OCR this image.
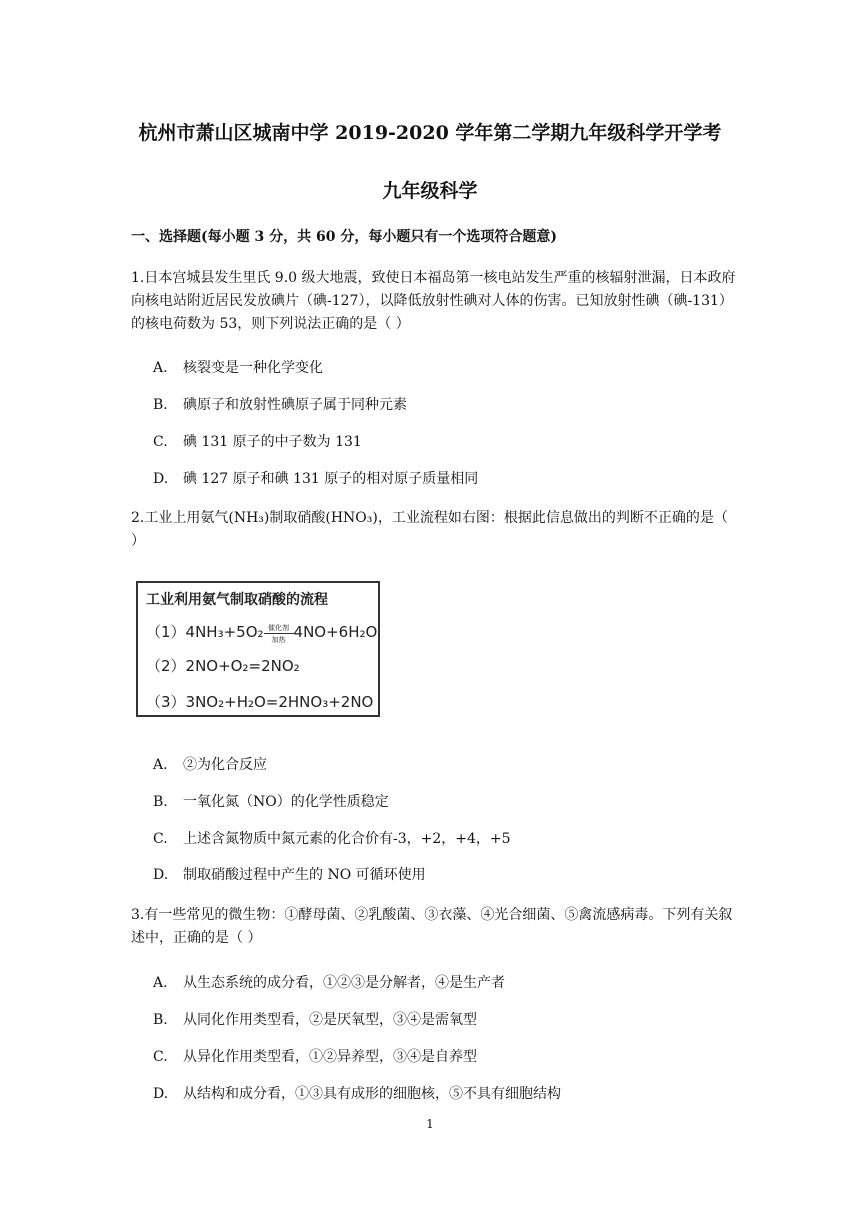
杭州市萧山区城南中学 2019-2020 学年第二学期九年级科学开学考
九年级科学
一、选择题(每小题 3 分，共 60 分，每小题只有一个选项符合题意)
1.日本宫城县发生里氏 9.0 级大地震，致使日本福岛第一核电站发生严重的核辐射泄漏，日本政府向核电站附近居民发放碘片（碘-127），以降低放射性碘对人体的伤害。已知放射性碘（碘-131）的核电荷数为 53，则下列说法正确的是（ ）
A. 核裂变是一种化学变化
B. 碘原子和放射性碘原子属于同种元素
C. 碘 131 原子的中子数为 131
D. 碘 127 原子和碘 131 原子的相对原子质量相同
2.工业上用氨气(NH₃)制取硝酸(HNO₃)，工业流程如右图：根据此信息做出的判断不正确的是（ ）
工业利用氨气制取硝酸的流程
（1）4NH₃+5O₂ 催化剂
加热 4NO+6H₂O
（2）2NO+O₂=2NO₂
（3）3NO₂+H₂O=2HNO₃+2NO
A. ②为化合反应
B. 一氧化氮（NO）的化学性质稳定
C. 上述含氮物质中氮元素的化合价有-3，+2，+4，+5
D. 制取硝酸过程中产生的 NO 可循环使用
3.有一些常见的微生物：①酵母菌、②乳酸菌、③衣藻、④光合细菌、⑤禽流感病毒。下列有关叙述中，正确的是（ ）
A. 从生态系统的成分看，①②③是分解者，④是生产者
B. 从同化作用类型看，②是厌氧型，③④是需氧型
C. 从异化作用类型看，①②异养型，③④是自养型
D. 从结构和成分看，①③具有成形的细胞核，⑤不具有细胞结构
1
